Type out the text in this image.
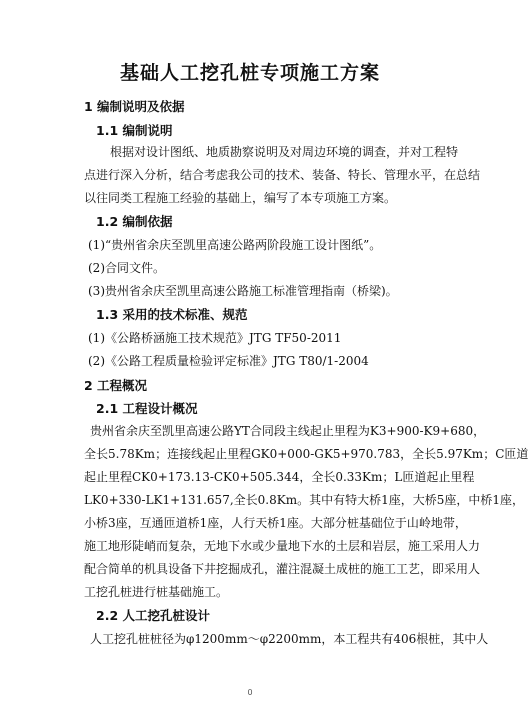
基础人工挖孔桩专项施工方案
1 编制说明及依据
1.1 编制说明
根据对设计图纸、地质勘察说明及对周边环境的调查，并对工程特
点进行深入分析，结合考虑我公司的技术、装备、特长、管理水平，在总结
以往同类工程施工经验的基础上，编写了本专项施工方案。
1.2 编制依据
(1)“贵州省余庆至凯里高速公路两阶段施工设计图纸”。
(2)合同文件。
(3)贵州省余庆至凯里高速公路施工标准管理指南（桥梁)。
1.3 采用的技术标准、规范
(1)《公路桥涵施工技术规范》JTG TF50-2011
(2)《公路工程质量检验评定标准》JTG T80/1-2004
2 工程概况
2.1 工程设计概况
贵州省余庆至凯里高速公路YT合同段主线起止里程为K3+900-K9+680，
全长5.78Km；连接线起止里程GK0+000-GK5+970.783，全长5.97Km；C匝道
起止里程CK0+173.13-CK0+505.344，全长0.33Km；L匝道起止里程
LK0+330-LK1+131.657,全长0.8Km。其中有特大桥1座，大桥5座，中桥1座，
小桥3座，互通匝道桥1座，人行天桥1座。大部分桩基础位于山岭地带，
施工地形陡峭而复杂，无地下水或少量地下水的土层和岩层，施工采用人力
配合简单的机具设备下井挖掘成孔，灌注混凝土成桩的施工工艺，即采用人
工挖孔桩进行桩基础施工。
2.2 人工挖孔桩设计
人工挖孔桩桩径为φ1200mm～φ2200mm，本工程共有406根桩，其中人
0
